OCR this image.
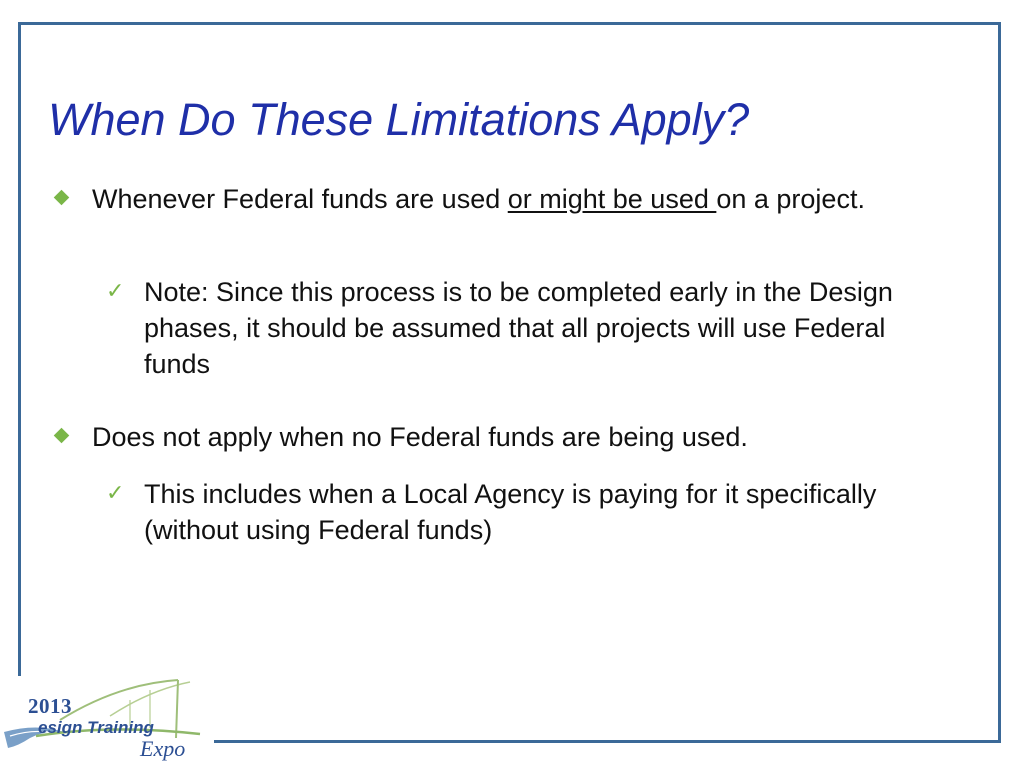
When Do These Limitations Apply?
Whenever Federal funds are used or might be used on a project.
✓ Note: Since this process is to be completed early in the Design phases, it should be assumed that all projects will use Federal funds
Does not apply when no Federal funds are being used.
✓ This includes when a Local Agency is paying for it specifically (without using Federal funds)
2013
esign Training
Expo
